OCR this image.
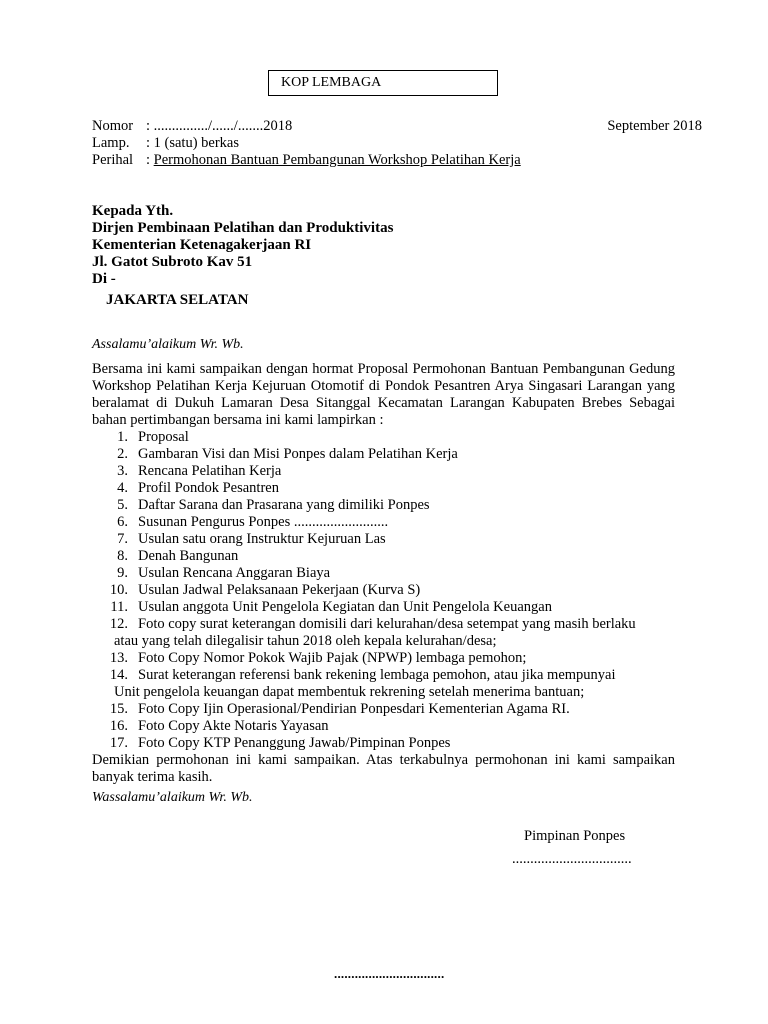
KOP LEMBAGA
Nomor : .............../....../.......2018	September 2018
Lamp. : 1 (satu) berkas
Perihal : Permohonan Bantuan Pembangunan Workshop Pelatihan Kerja
Kepada Yth.
Dirjen Pembinaan Pelatihan dan Produktivitas
Kementerian Ketenagakerjaan RI
Jl. Gatot Subroto Kav 51
Di -
JAKARTA SELATAN
Assalamu’alaikum Wr. Wb.

Bersama ini kami sampaikan dengan hormat Proposal Permohonan Bantuan Pembangunan Gedung Workshop Pelatihan Kerja Kejuruan Otomotif di Pondok Pesantren Arya Singasari Larangan yang beralamat di Dukuh Lamaran Desa Sitanggal Kecamatan Larangan Kabupaten Brebes Sebagai bahan pertimbangan bersama ini kami lampirkan :

1. Proposal
2. Gambaran Visi dan Misi Ponpes dalam Pelatihan Kerja
3. Rencana Pelatihan Kerja
4. Profil Pondok Pesantren
5. Daftar Sarana dan Prasarana yang dimiliki Ponpes
6. Susunan Pengurus Ponpes ..........................
7. Usulan satu orang Instruktur Kejuruan Las
8. Denah Bangunan
9. Usulan Rencana Anggaran Biaya
10. Usulan Jadwal Pelaksanaan Pekerjaan (Kurva S)
11. Usulan anggota Unit Pengelola Kegiatan dan Unit Pengelola Keuangan
12. Foto copy surat keterangan domisili dari kelurahan/desa setempat yang masih berlaku
atau yang telah dilegalisir tahun 2018 oleh kepala kelurahan/desa;
13. Foto Copy Nomor Pokok Wajib Pajak (NPWP) lembaga pemohon;
14. Surat keterangan referensi bank rekening lembaga pemohon, atau jika mempunyai
Unit pengelola keuangan dapat membentuk rekrening setelah menerima bantuan;
15. Foto Copy Ijin Operasional/Pendirian Ponpesdari Kementerian Agama RI.
16. Foto Copy Akte Notaris Yayasan
17. Foto Copy KTP Penanggung Jawab/Pimpinan Ponpes

Demikian permohonan ini kami sampaikan. Atas terkabulnya permohonan ini kami sampaikan banyak terima kasih.

Wassalamu’alaikum Wr. Wb.
Pimpinan Ponpes
.................................
................................
